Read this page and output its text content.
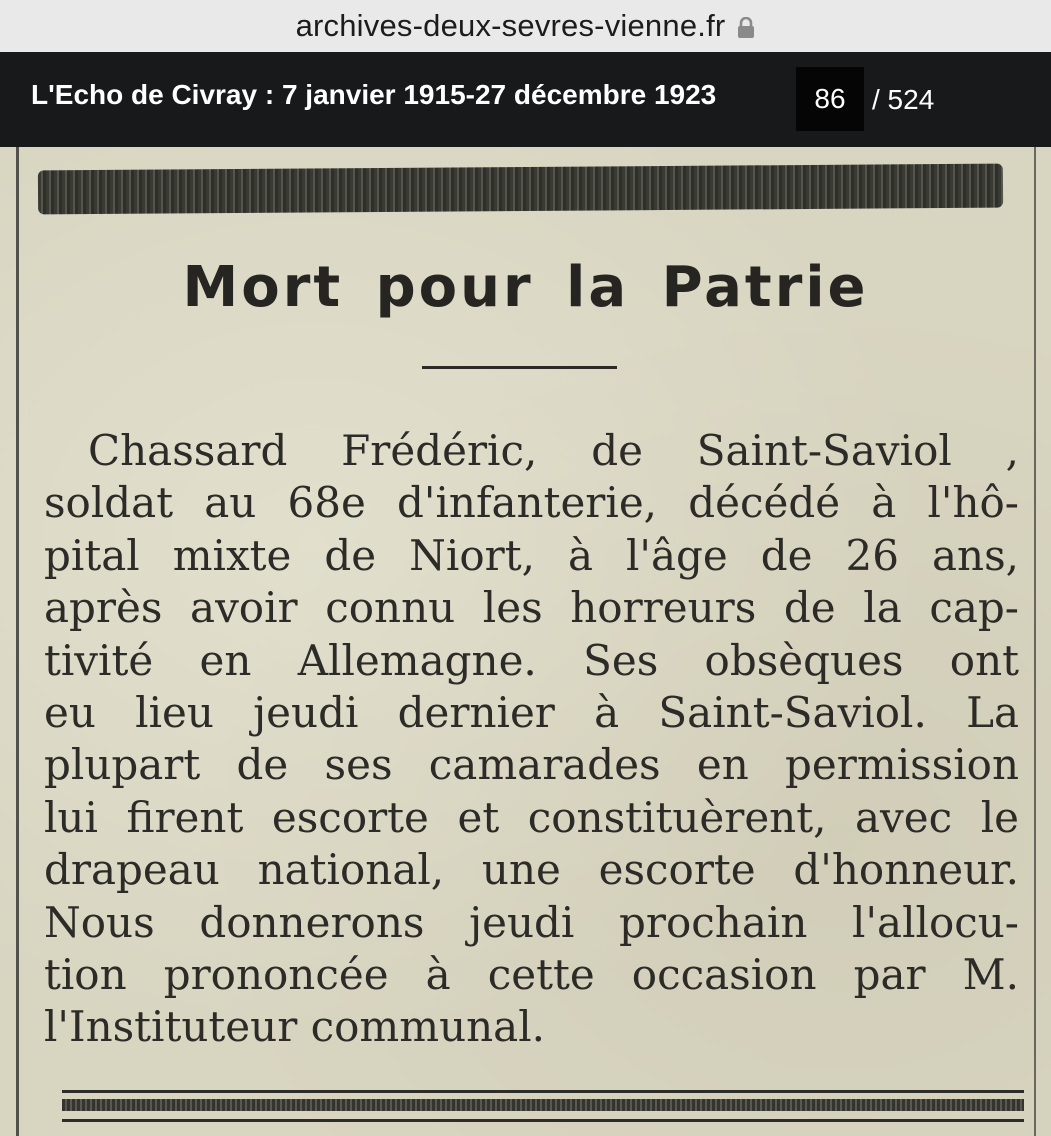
archives-deux-sevres-vienne.fr
L'Echo de Civray : 7 janvier 1915-27 décembre 1923	86 / 524
Mort pour la Patrie
Chassard Frédéric, de Saint-Saviol ,
soldat au 68e d'infanterie, décédé à l'hô-
pital mixte de Niort, à l'âge de 26 ans,
après avoir connu les horreurs de la cap-
tivité en Allemagne. Ses obsèques ont
eu lieu jeudi dernier à Saint-Saviol. La
plupart de ses camarades en permission
lui firent escorte et constituèrent, avec le
drapeau national, une escorte d'honneur.
Nous donnerons jeudi prochain l'allocu-
tion prononcée à cette occasion par M.
l'Instituteur communal.
